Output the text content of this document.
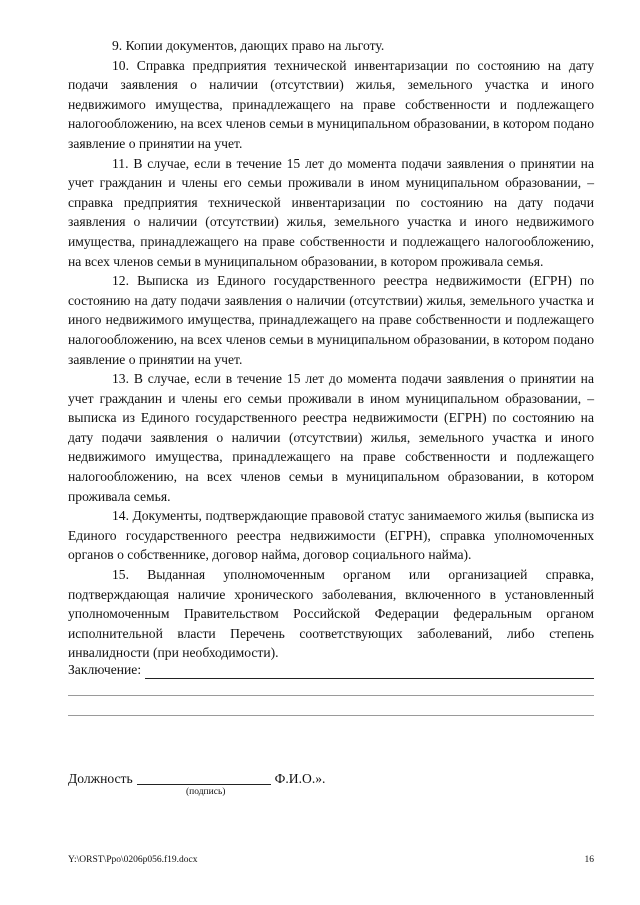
9. Копии документов, дающих право на льготу.

10. Справка предприятия технической инвентаризации по состоянию на дату подачи заявления о наличии (отсутствии) жилья, земельного участка и иного недвижимого имущества, принадлежащего на праве собственности и подлежащего налогообложению, на всех членов семьи в муниципальном образовании, в котором подано заявление о принятии на учет.

11. В случае, если в течение 15 лет до момента подачи заявления о принятии на учет гражданин и члены его семьи проживали в ином муниципальном образовании, – справка предприятия технической инвентаризации по состоянию на дату подачи заявления о наличии (отсутствии) жилья, земельного участка и иного недвижимого имущества, принадлежащего на праве собственности и подлежащего налогообложению, на всех членов семьи в муниципальном образовании, в котором проживала семья.

12. Выписка из Единого государственного реестра недвижимости (ЕГРН) по состоянию на дату подачи заявления о наличии (отсутствии) жилья, земельного участка и иного недвижимого имущества, принадлежащего на праве собственности и подлежащего налогообложению, на всех членов семьи в муниципальном образовании, в котором подано заявление о принятии на учет.

13. В случае, если в течение 15 лет до момента подачи заявления о принятии на учет гражданин и члены его семьи проживали в ином муниципальном образовании, – выписка из Единого государственного реестра недвижимости (ЕГРН) по состоянию на дату подачи заявления о наличии (отсутствии) жилья, земельного участка и иного недвижимого имущества, принадлежащего на праве собственности и подлежащего налогообложению, на всех членов семьи в муниципальном образовании, в котором проживала семья.

14. Документы, подтверждающие правовой статус занимаемого жилья (выписка из Единого государственного реестра недвижимости (ЕГРН), справка уполномоченных органов о собственнике, договор найма, договор социального найма).

15. Выданная уполномоченным органом или организацией справка, подтверждающая наличие хронического заболевания, включенного в установленный уполномоченным Правительством Российской Федерации федеральным органом исполнительной власти Перечень соответствующих заболеваний, либо степень инвалидности (при необходимости).

Заключение:
Должность	Ф.И.О.».
(подпись)
Y:\ORST\Ppo\0206p056.f19.docx	16
